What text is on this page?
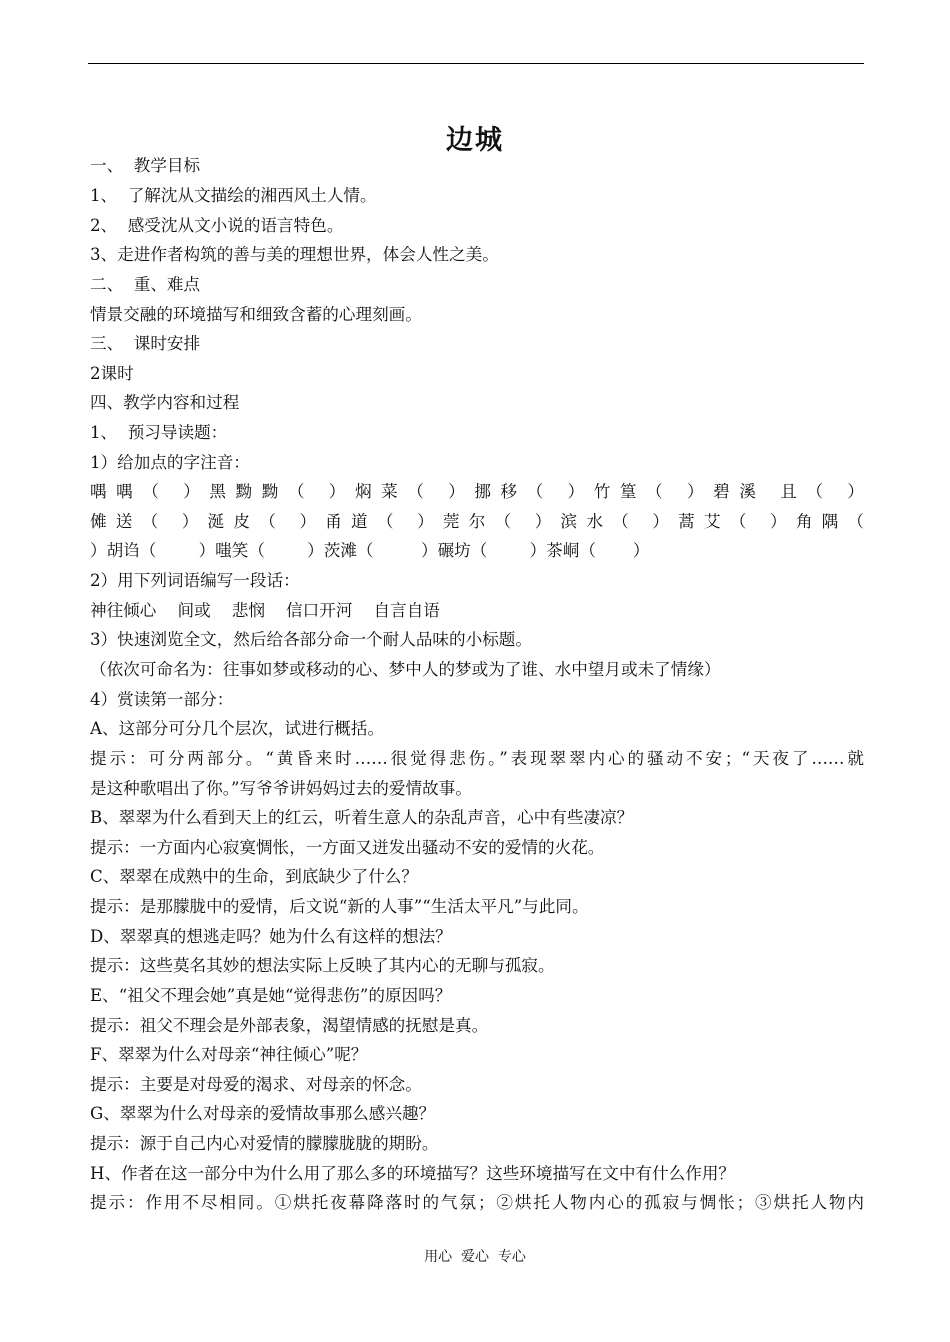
边城
一、  教学目标
1、  了解沈从文描绘的湘西风土人情。
2、  感受沈从文小说的语言特色。
3、走进作者构筑的善与美的理想世界，体会人性之美。
二、  重、难点
情景交融的环境描写和细致含蓄的心理刻画。
三、  课时安排
2课时
四、教学内容和过程
1、  预习导读题：
1）给加点的字注音：
喁喁（ ）黑黝黝（ ）焖菜（ ）挪移（ ）竹篁（ ）碧溪 且（ ）
傩送（ ）涎皮（ ）甬道（ ）莞尔（ ）滨水（ ）蒿艾（ ）角隅（
）胡诌（        ）嗤笑（        ）茨滩（         ）碾坊（        ）茶峒（       ）
2）用下列词语编写一段话：
神往倾心    间或    悲悯    信口开河    自言自语
3）快速浏览全文，然后给各部分命一个耐人品味的小标题。
（依次可命名为：往事如梦或移动的心、梦中人的梦或为了谁、水中望月或未了情缘）
4）赏读第一部分：
A、这部分可分几个层次，试进行概括。
提示：可分两部分。“黄昏来时……很觉得悲伤。”表现翠翠内心的骚动不安；“天夜了……就
是这种歌唱出了你。”写爷爷讲妈妈过去的爱情故事。
B、翠翠为什么看到天上的红云，听着生意人的杂乱声音，心中有些凄凉？
提示：一方面内心寂寞惆怅，一方面又迸发出骚动不安的爱情的火花。
C、翠翠在成熟中的生命，到底缺少了什么？
提示：是那朦胧中的爱情，后文说“新的人事”“生活太平凡”与此同。
D、翠翠真的想逃走吗？她为什么有这样的想法？
提示：这些莫名其妙的想法实际上反映了其内心的无聊与孤寂。
E、“祖父不理会她”真是她“觉得悲伤”的原因吗？
提示：祖父不理会是外部表象，渴望情感的抚慰是真。
F、翠翠为什么对母亲“神往倾心”呢？
提示：主要是对母爱的渴求、对母亲的怀念。
G、翠翠为什么对母亲的爱情故事那么感兴趣？
提示：源于自己内心对爱情的朦朦胧胧的期盼。
H、作者在这一部分中为什么用了那么多的环境描写？这些环境描写在文中有什么作用？
提示：作用不尽相同。①烘托夜幕降落时的气氛；②烘托人物内心的孤寂与惆怅；③烘托人物内
用心  爱心  专心
